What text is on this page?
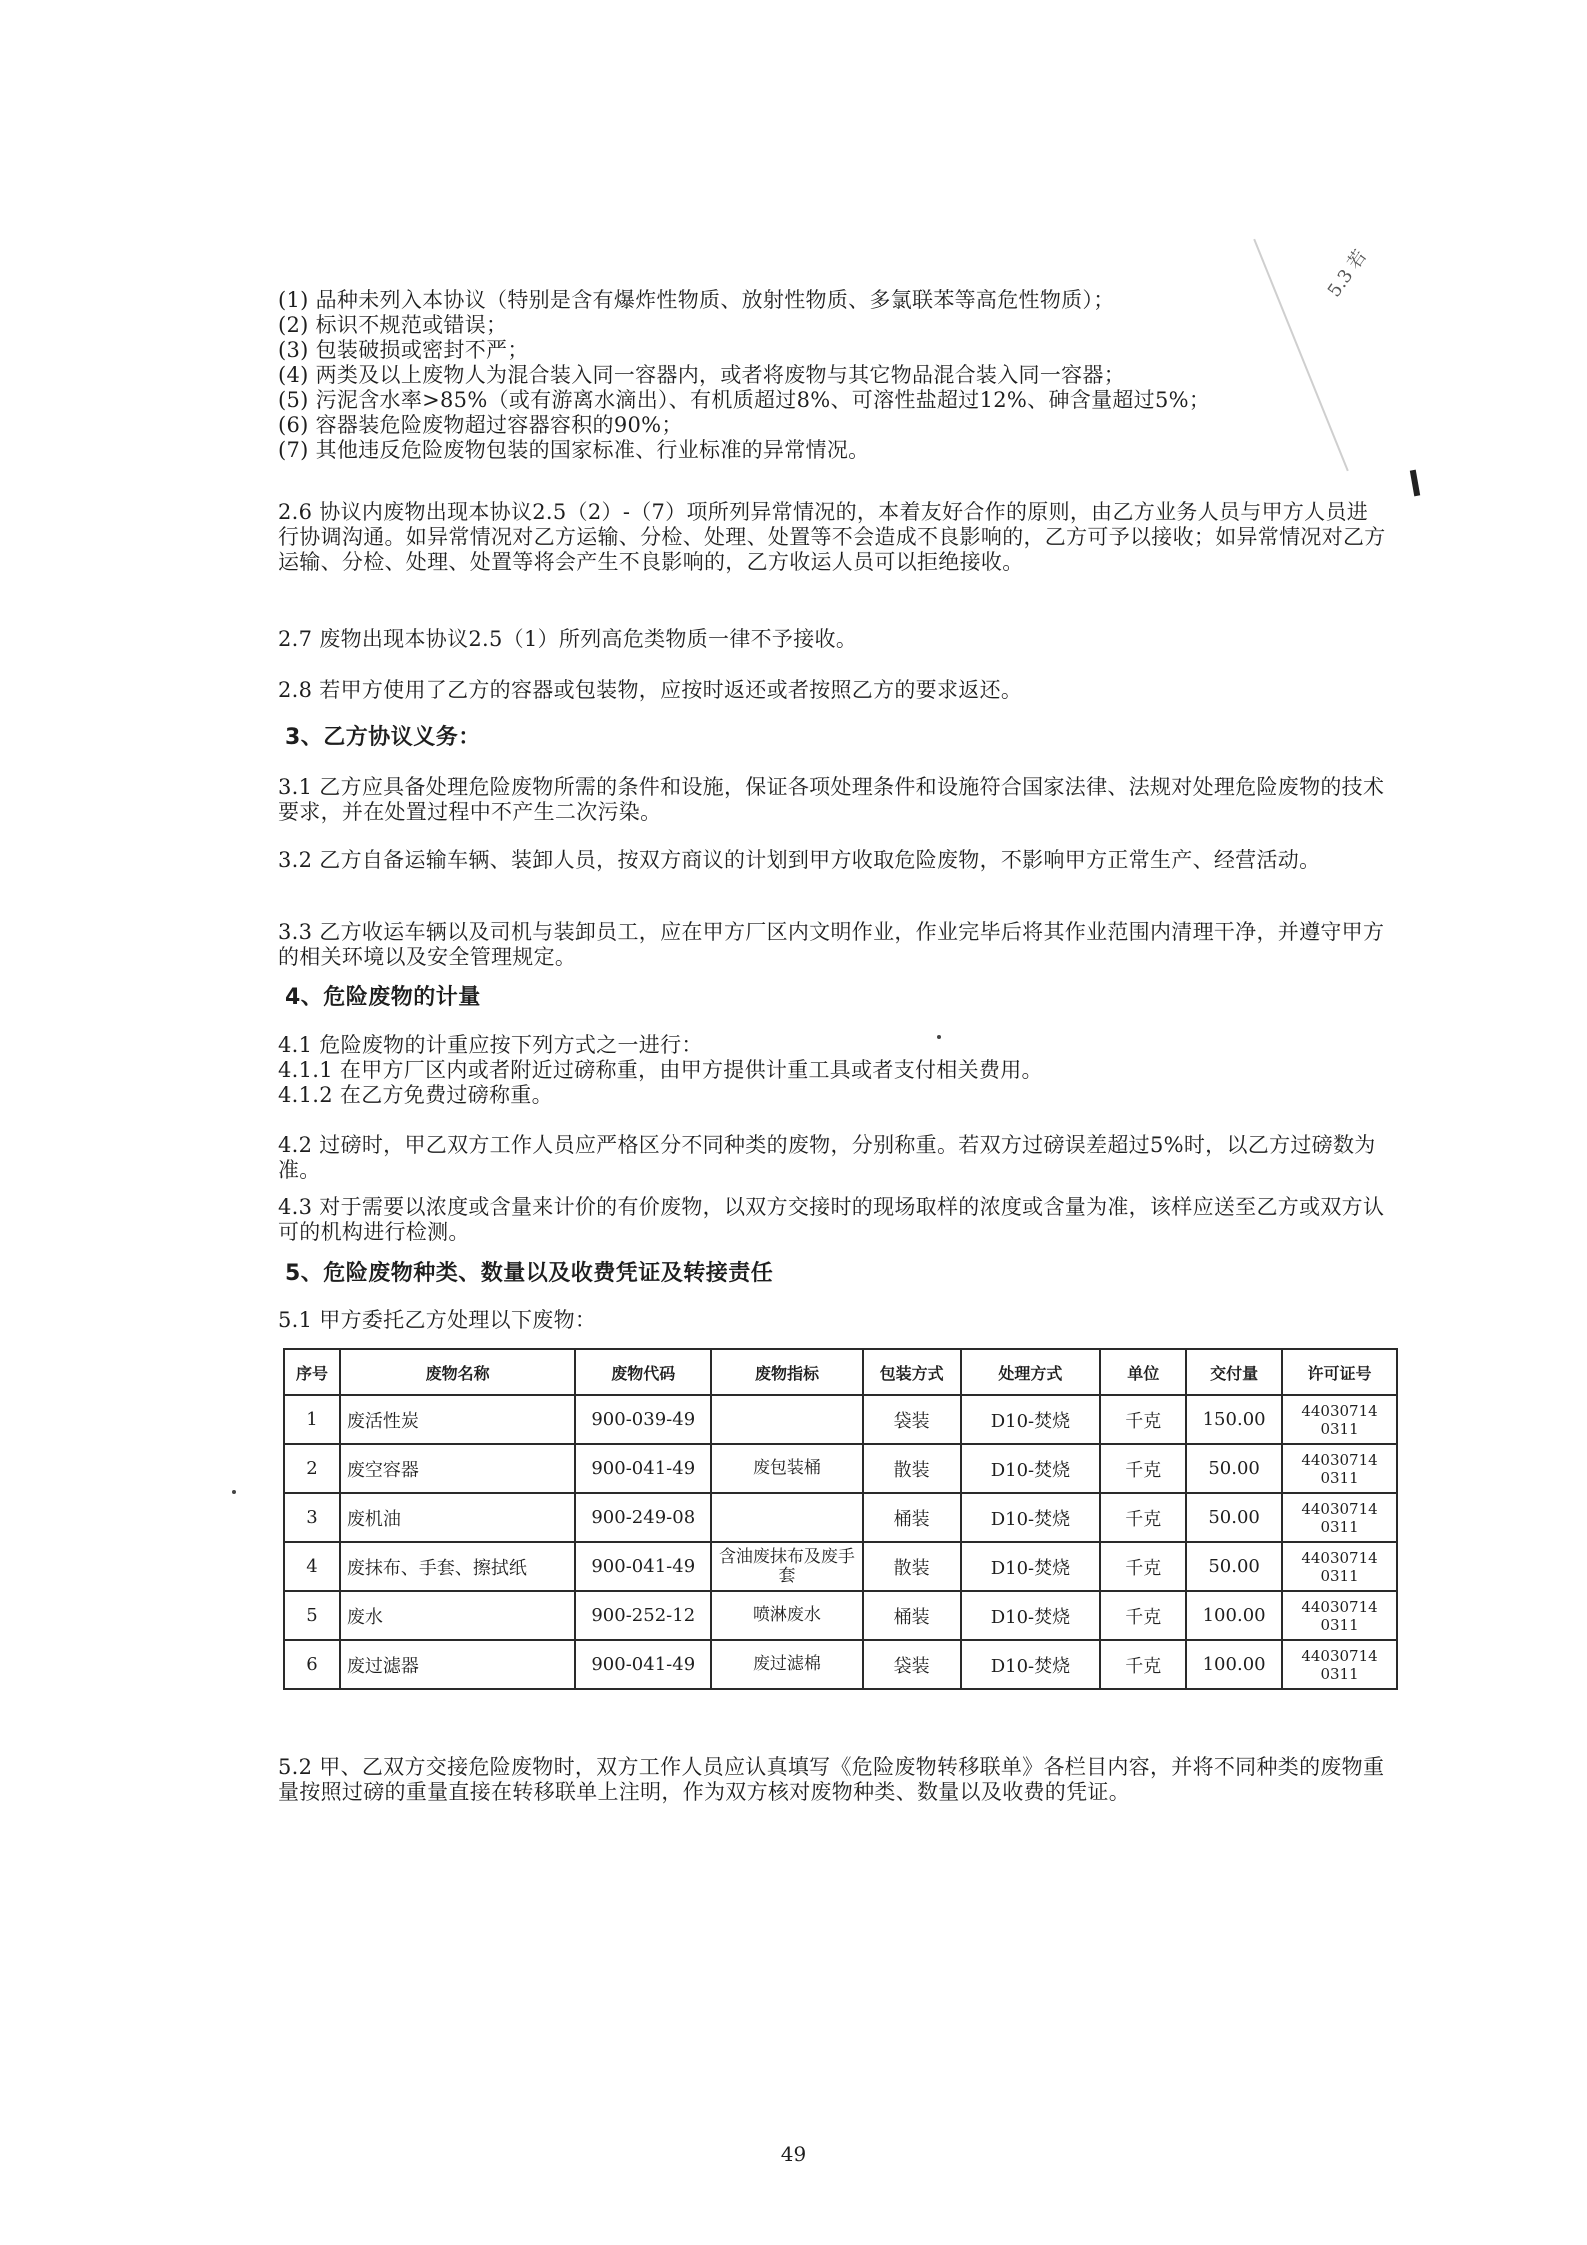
5.3 若
(1) 品种未列入本协议（特别是含有爆炸性物质、放射性物质、多氯联苯等高危性物质）；
(2) 标识不规范或错误；
(3) 包装破损或密封不严；
(4) 两类及以上废物人为混合装入同一容器内，或者将废物与其它物品混合装入同一容器；
(5) 污泥含水率>85%（或有游离水滴出）、有机质超过8%、可溶性盐超过12%、砷含量超过5%；
(6) 容器装危险废物超过容器容积的90%；
(7) 其他违反危险废物包装的国家标准、行业标准的异常情况。
2.6 协议内废物出现本协议2.5（2）-（7）项所列异常情况的，本着友好合作的原则，由乙方业务人员与甲方人员进行协调沟通。如异常情况对乙方运输、分检、处理、处置等不会造成不良影响的，乙方可予以接收；如异常情况对乙方运输、分检、处理、处置等将会产生不良影响的，乙方收运人员可以拒绝接收。
2.7 废物出现本协议2.5（1）所列高危类物质一律不予接收。
2.8 若甲方使用了乙方的容器或包装物，应按时返还或者按照乙方的要求返还。
3、乙方协议义务：
3.1 乙方应具备处理危险废物所需的条件和设施，保证各项处理条件和设施符合国家法律、法规对处理危险废物的技术要求，并在处置过程中不产生二次污染。
3.2 乙方自备运输车辆、装卸人员，按双方商议的计划到甲方收取危险废物，不影响甲方正常生产、经营活动。
3.3 乙方收运车辆以及司机与装卸员工，应在甲方厂区内文明作业，作业完毕后将其作业范围内清理干净，并遵守甲方的相关环境以及安全管理规定。
4、危险废物的计量
4.1 危险废物的计重应按下列方式之一进行：
4.1.1 在甲方厂区内或者附近过磅称重，由甲方提供计重工具或者支付相关费用。
4.1.2 在乙方免费过磅称重。
4.2 过磅时，甲乙双方工作人员应严格区分不同种类的废物，分别称重。若双方过磅误差超过5%时，以乙方过磅数为准。
4.3 对于需要以浓度或含量来计价的有价废物，以双方交接时的现场取样的浓度或含量为准，该样应送至乙方或双方认可的机构进行检测。
5、危险废物种类、数量以及收费凭证及转接责任
5.1 甲方委托乙方处理以下废物：
序号	废物名称	废物代码	废物指标	包装方式	处理方式	单位	交付量	许可证号
1	废活性炭	900-039-49		袋装	D10-焚烧	千克	150.00	44030714 0311
2	废空容器	900-041-49	废包装桶	散装	D10-焚烧	千克	50.00	44030714 0311
3	废机油	900-249-08		桶装	D10-焚烧	千克	50.00	44030714 0311
4	废抹布、手套、擦拭纸	900-041-49	含油废抹布及废手套	散装	D10-焚烧	千克	50.00	44030714 0311
5	废水	900-252-12	喷淋废水	桶装	D10-焚烧	千克	100.00	44030714 0311
6	废过滤器	900-041-49	废过滤棉	袋装	D10-焚烧	千克	100.00	44030714 0311
5.2 甲、乙双方交接危险废物时，双方工作人员应认真填写《危险废物转移联单》各栏目内容，并将不同种类的废物重量按照过磅的重量直接在转移联单上注明，作为双方核对废物种类、数量以及收费的凭证。
49
